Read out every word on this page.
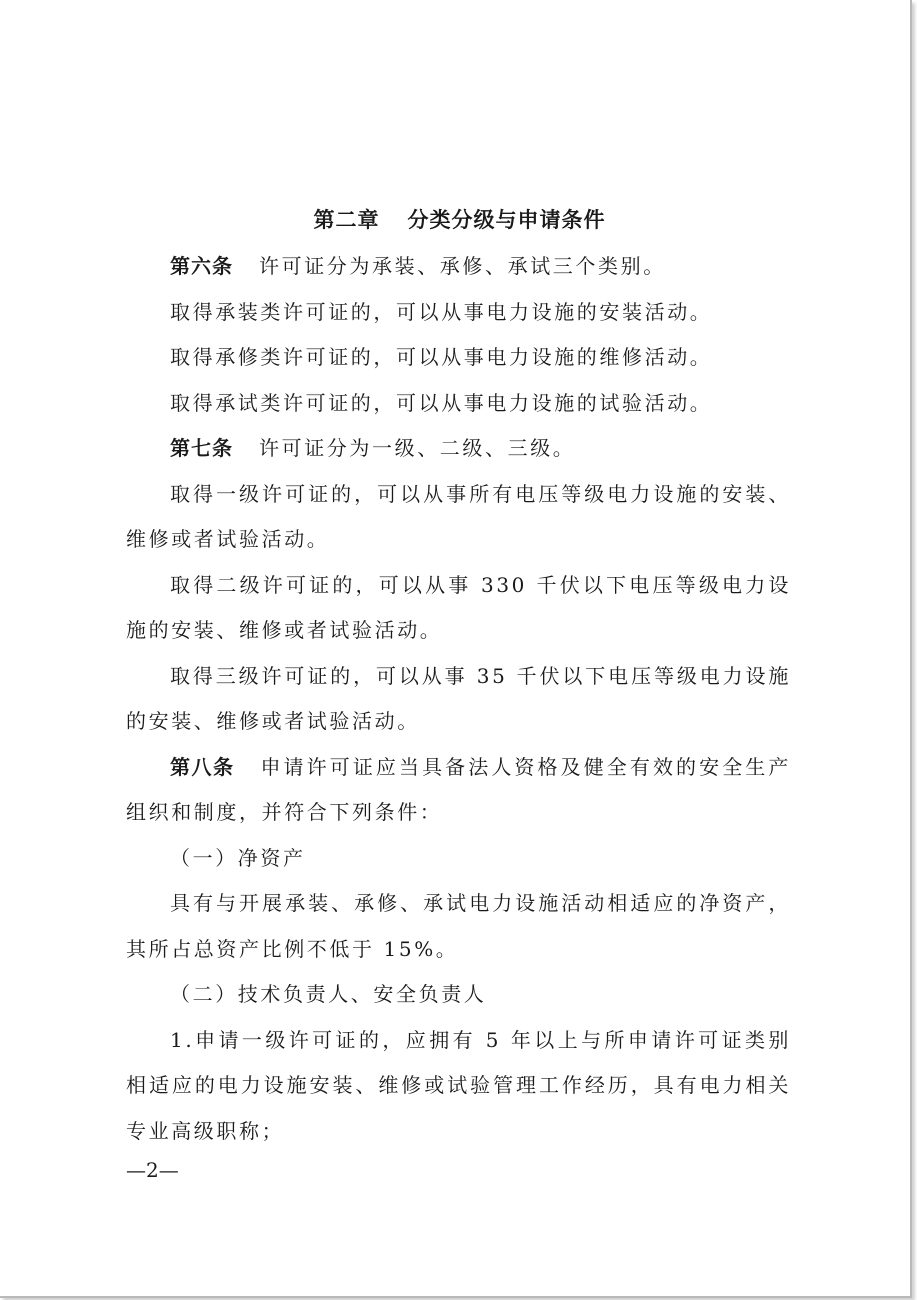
第二章 分类分级与申请条件

第六条 许可证分为承装、承修、承试三个类别。

取得承装类许可证的，可以从事电力设施的安装活动。

取得承修类许可证的，可以从事电力设施的维修活动。

取得承试类许可证的，可以从事电力设施的试验活动。

第七条 许可证分为一级、二级、三级。

取得一级许可证的，可以从事所有电压等级电力设施的安装、维修或者试验活动。

取得二级许可证的，可以从事 330 千伏以下电压等级电力设施的安装、维修或者试验活动。

取得三级许可证的，可以从事 35 千伏以下电压等级电力设施的安装、维修或者试验活动。

第八条 申请许可证应当具备法人资格及健全有效的安全生产组织和制度，并符合下列条件：

（一）净资产

具有与开展承装、承修、承试电力设施活动相适应的净资产，其所占总资产比例不低于 15%。

（二）技术负责人、安全负责人

1.申请一级许可证的，应拥有 5 年以上与所申请许可证类别相适应的电力设施安装、维修或试验管理工作经历，具有电力相关专业高级职称；

—2—
